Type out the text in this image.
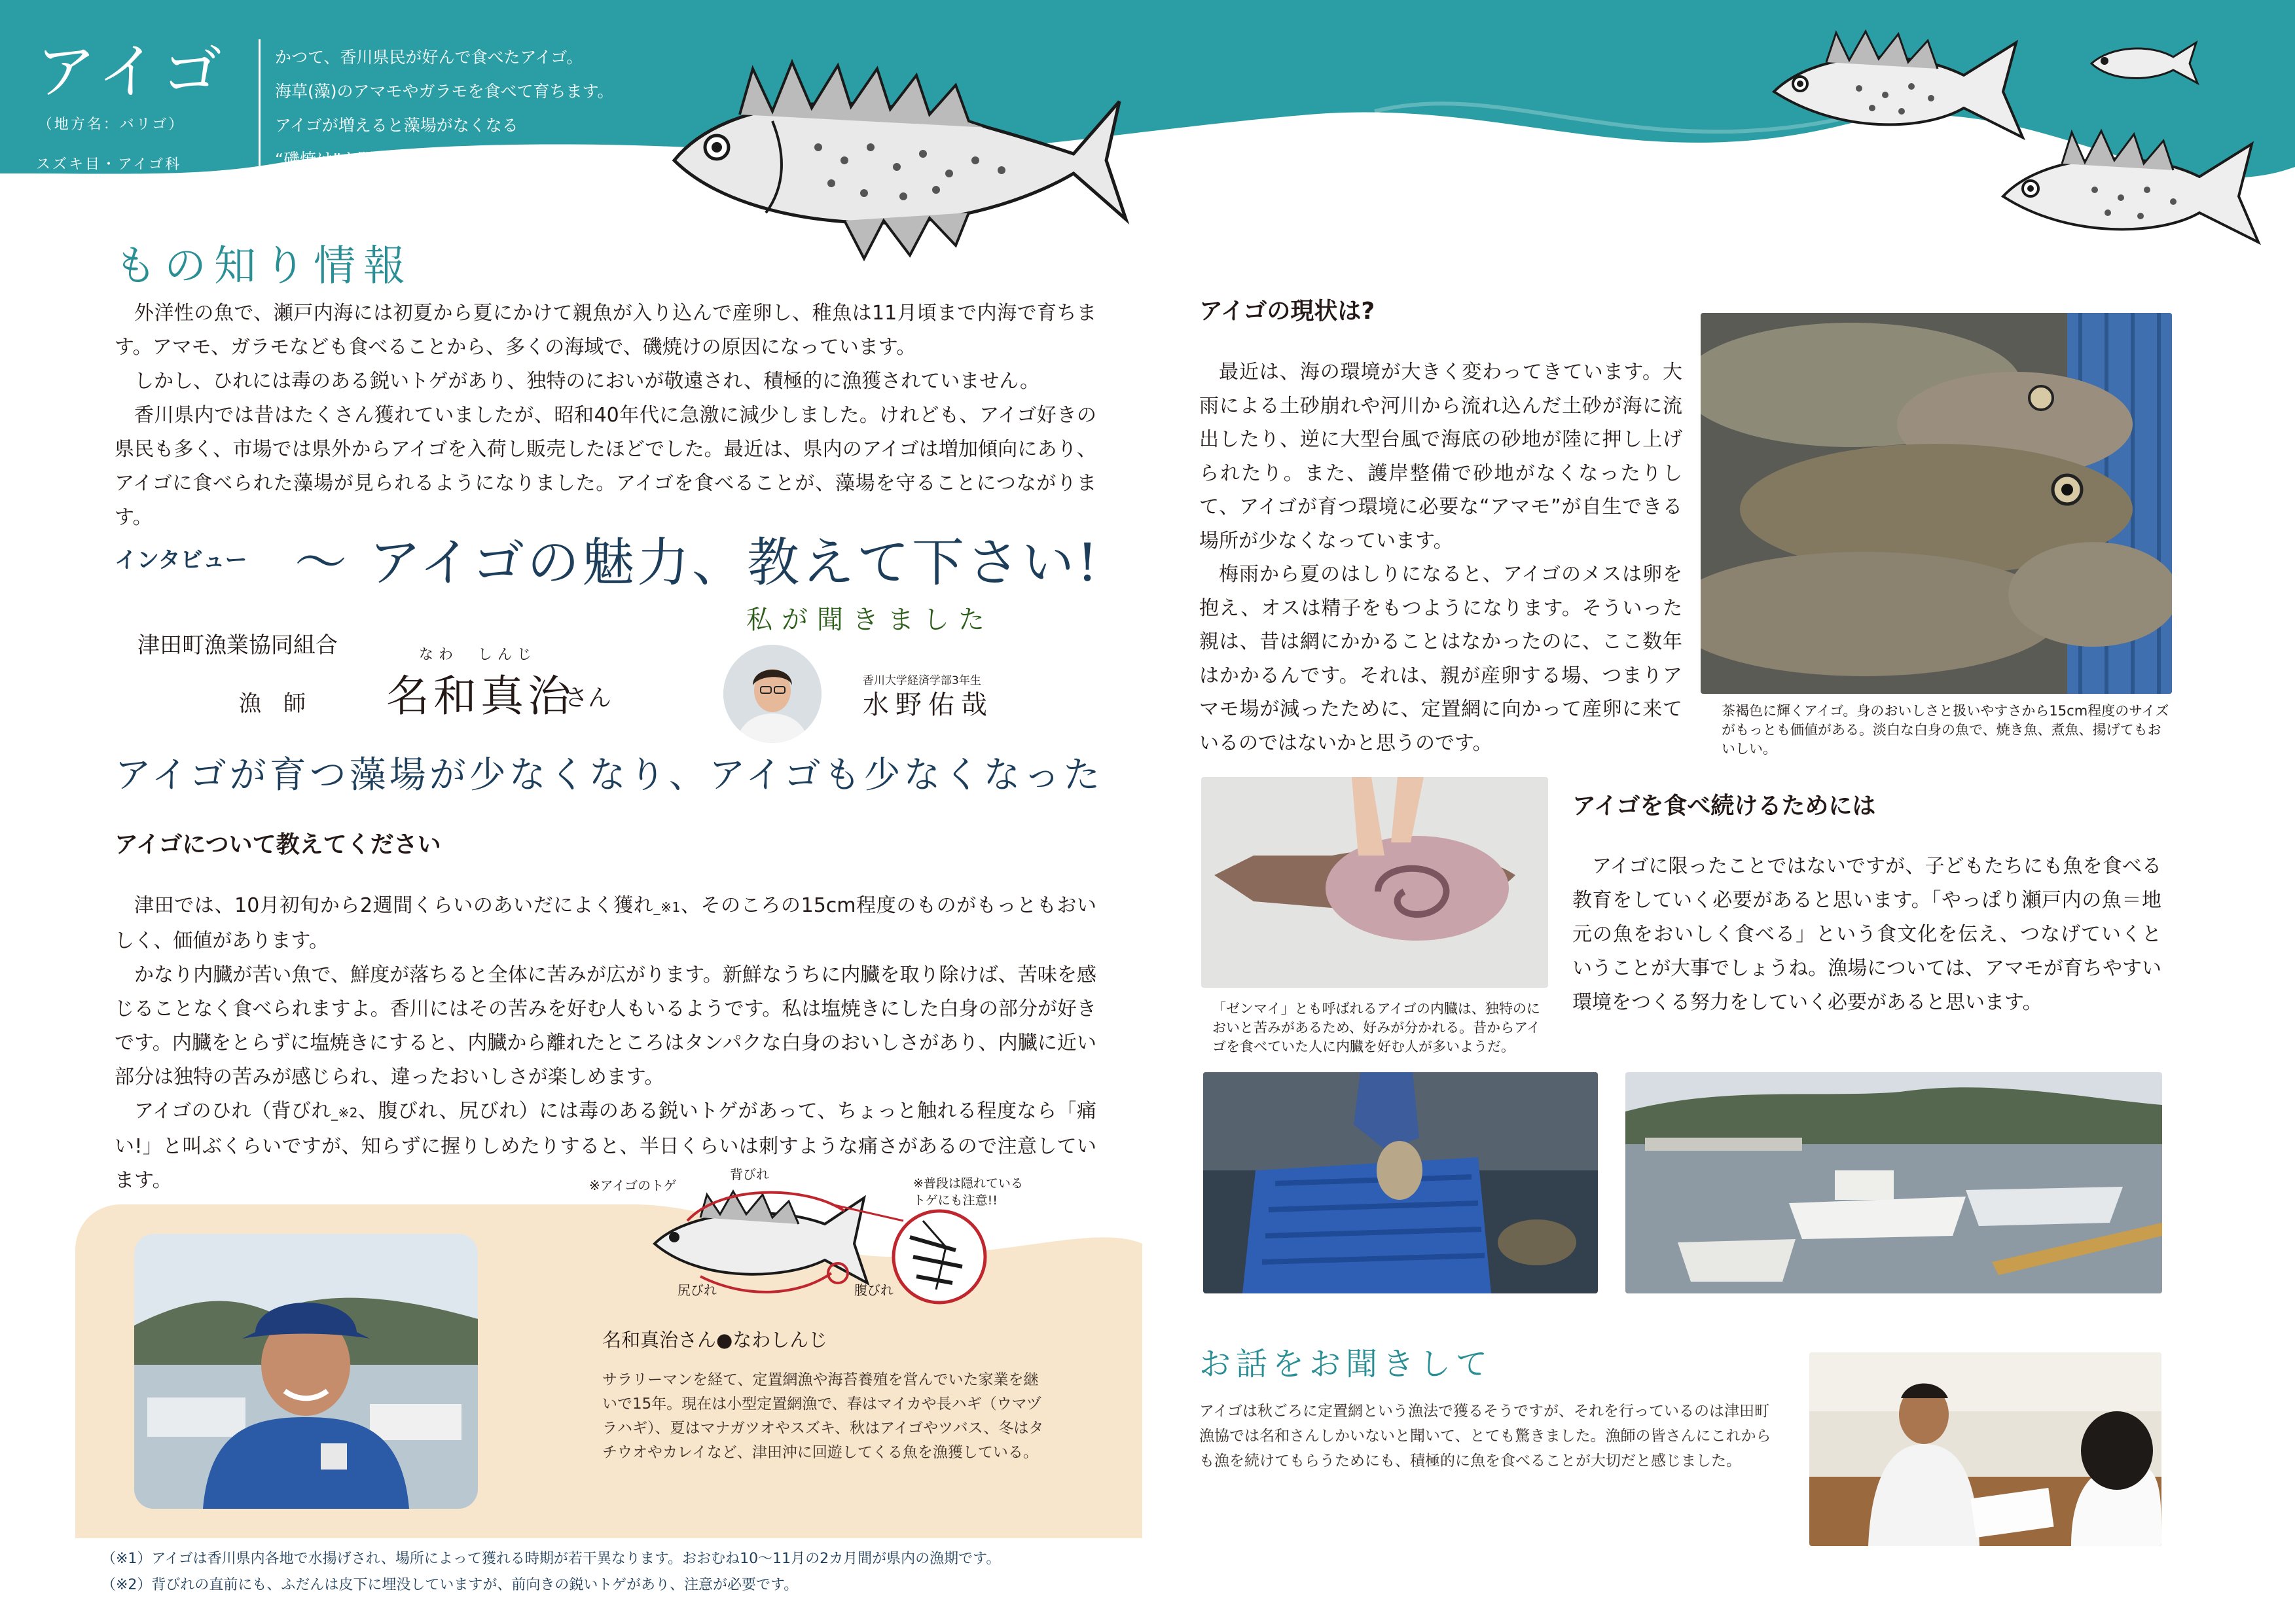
アイゴ
（地方名：バリゴ）
スズキ目・アイゴ科
かつて、香川県民が好んで食べたアイゴ。
海草(藻)のアマモやガラモを食べて育ちます。
アイゴが増えると藻場がなくなる
“磯焼け”も問題になっています。
もの知り情報
外洋性の魚で、瀬戸内海には初夏から夏にかけて親魚が入り込んで産卵し、稚魚は11月頃まで内海で育ちます。アマモ、ガラモなども食べることから、多くの海域で、磯焼けの原因になっています。
しかし、ひれには毒のある鋭いトゲがあり、独特のにおいが敬遠され、積極的に漁獲されていません。
香川県内では昔はたくさん獲れていましたが、昭和40年代に急激に減少しました。けれども、アイゴ好きの県民も多く、市場では県外からアイゴを入荷し販売したほどでした。最近は、県内のアイゴは増加傾向にあり、アイゴに食べられた藻場が見られるようになりました。アイゴを食べることが、藻場を守ることにつながります。
インタビュー 〜 アイゴの魅力、教えて下さい!
津田町漁業協同組合
漁　師
なわ　しんじ
名和真治
さん
私が聞きました
香川大学経済学部3年生
水野佑哉
アイゴが育つ藻場が少なくなり、アイゴも少なくなった
アイゴについて教えてください
津田では、10月初旬から2週間くらいのあいだによく獲れ_※1、そのころの15cm程度のものがもっともおいしく、価値があります。
かなり内臓が苦い魚で、鮮度が落ちると全体に苦みが広がります。新鮮なうちに内臓を取り除けば、苦味を感じることなく食べられますよ。香川にはその苦みを好む人もいるようです。私は塩焼きにした白身の部分が好きです。内臓をとらずに塩焼きにすると、内臓から離れたところはタンパクな白身のおいしさがあり、内臓に近い部分は独特の苦みが感じられ、違ったおいしさが楽しめます。
アイゴのひれ（背びれ_※2、腹びれ、尻びれ）には毒のある鋭いトゲがあって、ちょっと触れる程度なら「痛い!」と叫ぶくらいですが、知らずに握りしめたりすると、半日くらいは刺すような痛さがあるので注意しています。	※アイゴのトゲ
背びれ
尻びれ	腹びれ
※普段は隠れている
トゲにも注意!!
名和真治さん●なわしんじ
サラリーマンを経て、定置網漁や海苔養殖を営んでいた家業を継いで15年。現在は小型定置網漁で、春はマイカや長ハギ（ウマヅラハギ）、夏はマナガツオやスズキ、秋はアイゴやツバス、冬はタチウオやカレイなど、津田沖に回遊してくる魚を漁獲している。
（※1）アイゴは香川県内各地で水揚げされ、場所によって獲れる時期が若干異なります。おおむね10〜11月の2カ月間が県内の漁期です。
（※2）背びれの直前にも、ふだんは皮下に埋没していますが、前向きの鋭いトゲがあり、注意が必要です。
アイゴの現状は?
最近は、海の環境が大きく変わってきています。大雨による土砂崩れや河川から流れ込んだ土砂が海に流出したり、逆に大型台風で海底の砂地が陸に押し上げられたり。また、護岸整備で砂地がなくなったりして、アイゴが育つ環境に必要な“アマモ”が自生できる場所が少なくなっています。
梅雨から夏のはしりになると、アイゴのメスは卵を抱え、オスは精子をもつようになります。そういった親は、昔は網にかかることはなかったのに、ここ数年はかかるんです。それは、親が産卵する場、つまりアマモ場が減ったために、定置網に向かって産卵に来ているのではないかと思うのです。
茶褐色に輝くアイゴ。身のおいしさと扱いやすさから15cm程度のサイズがもっとも価値がある。淡白な白身の魚で、焼き魚、煮魚、揚げてもおいしい。
「ゼンマイ」とも呼ばれるアイゴの内臓は、独特のにおいと苦みがあるため、好みが分かれる。昔からアイゴを食べていた人に内臓を好む人が多いようだ。
アイゴを食べ続けるためには
アイゴに限ったことではないですが、子どもたちにも魚を食べる教育をしていく必要があると思います。「やっぱり瀬戸内の魚＝地元の魚をおいしく食べる」という食文化を伝え、つなげていくということが大事でしょうね。漁場については、アマモが育ちやすい環境をつくる努力をしていく必要があると思います。
お話をお聞きして
アイゴは秋ごろに定置網という漁法で獲るそうですが、それを行っているのは津田町漁協では名和さんしかいないと聞いて、とても驚きました。漁師の皆さんにこれからも漁を続けてもらうためにも、積極的に魚を食べることが大切だと感じました。
